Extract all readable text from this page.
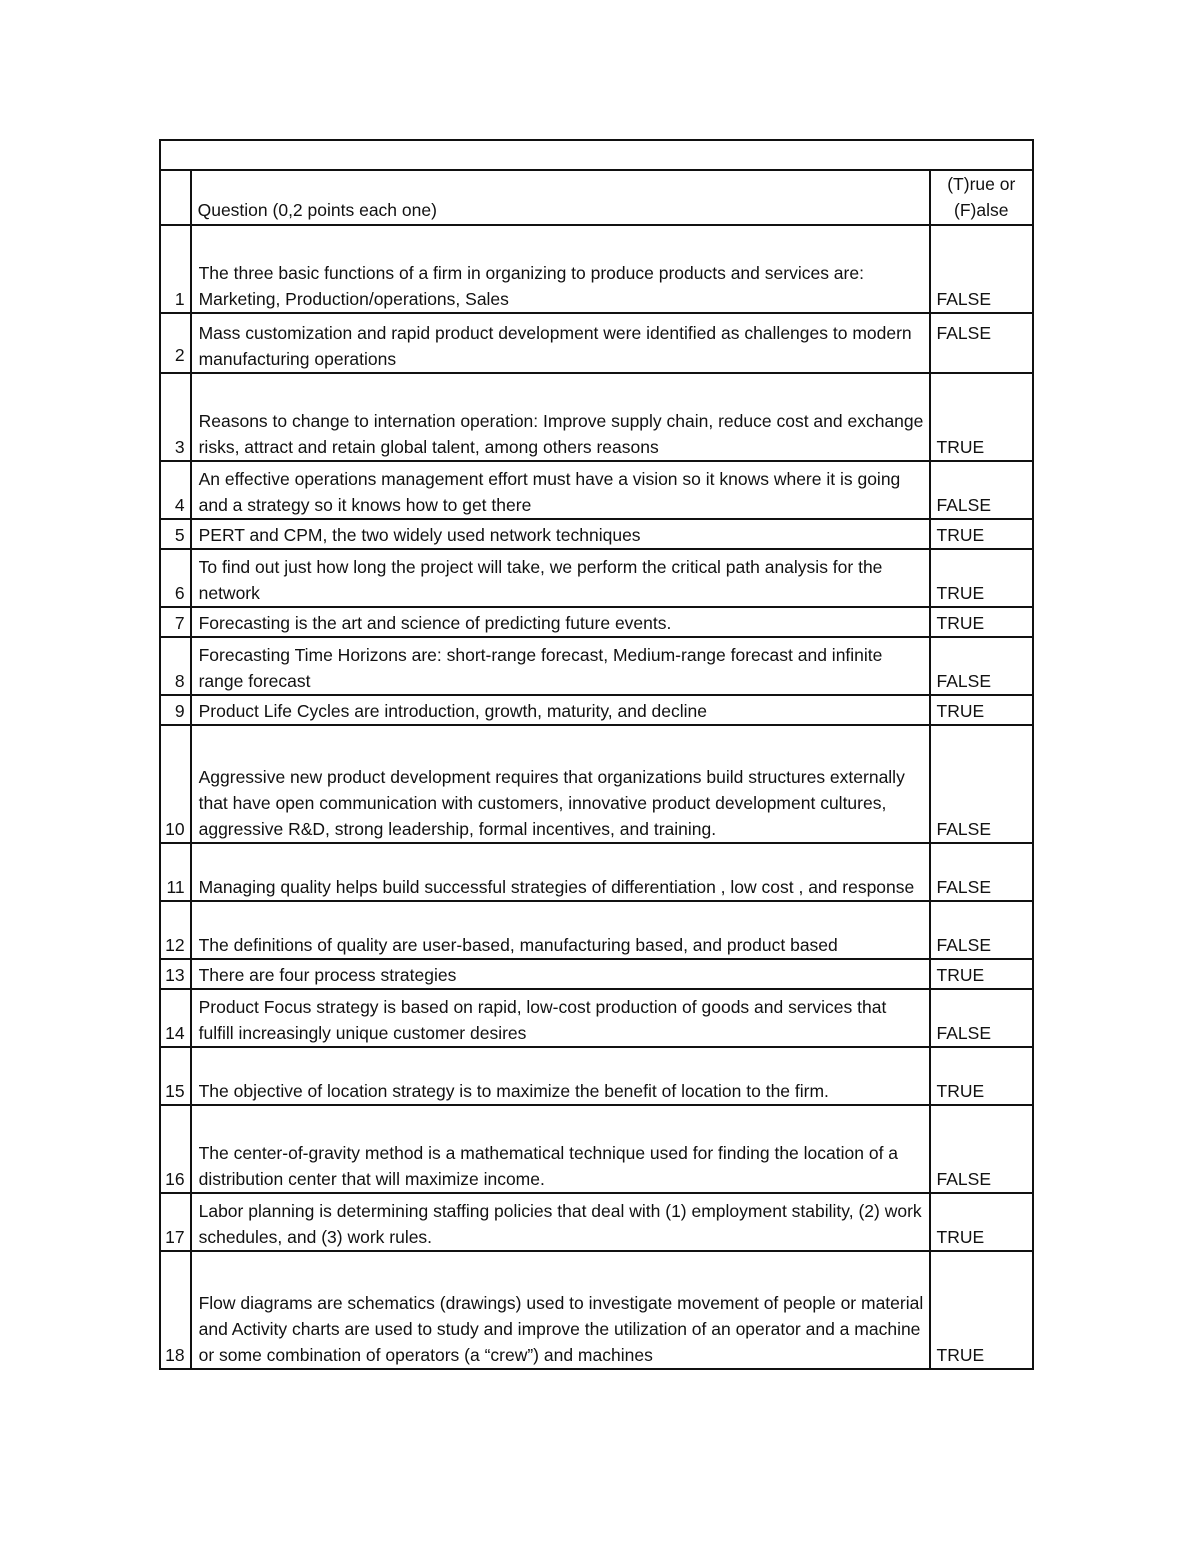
	Question (0,2 points each one)	(T)rue or
(F)alse

1	The three basic functions of a firm in organizing to produce products and services are: Marketing, Production/operations, Sales	FALSE
2	Mass customization and rapid product development were identified as challenges to modern manufacturing operations	FALSE
3	Reasons to change to internation operation: Improve supply chain, reduce cost and exchange risks, attract and retain global talent, among others reasons	TRUE
4	An effective operations management effort must have a vision so it knows where it is going and a strategy so it knows how to get there	FALSE
5	PERT and CPM, the two widely used network techniques	TRUE
6	To find out just how long the project will take, we perform the critical path analysis for the network	TRUE
7	Forecasting is the art and science of predicting future events.	TRUE
8	Forecasting Time Horizons are: short-range forecast, Medium-range forecast and infinite range forecast	FALSE
9	Product Life Cycles are introduction, growth, maturity, and decline	TRUE
10	Aggressive new product development requires that organizations build structures externally that have open communication with customers, innovative product development cultures, aggressive R&D, strong leadership, formal incentives, and training.	FALSE
11	Managing quality helps build successful strategies of differentiation , low cost , and response	FALSE
12	The definitions of quality are user-based, manufacturing based, and product based	FALSE
13	There are four process strategies	TRUE
14	Product Focus strategy is based on rapid, low-cost production of goods and services that fulfill increasingly unique customer desires	FALSE
15	The objective of location strategy is to maximize the benefit of location to the firm.	TRUE
16	The center-of-gravity method is a mathematical technique used for finding the location of a distribution center that will maximize income.	FALSE
17	Labor planning is determining staffing policies that deal with (1) employment stability, (2) work schedules, and (3) work rules.	TRUE
18	Flow diagrams are schematics (drawings) used to investigate movement of people or material and Activity charts are used to study and improve the utilization of an operator and a machine or some combination of operators (a “crew”) and machines	TRUE
